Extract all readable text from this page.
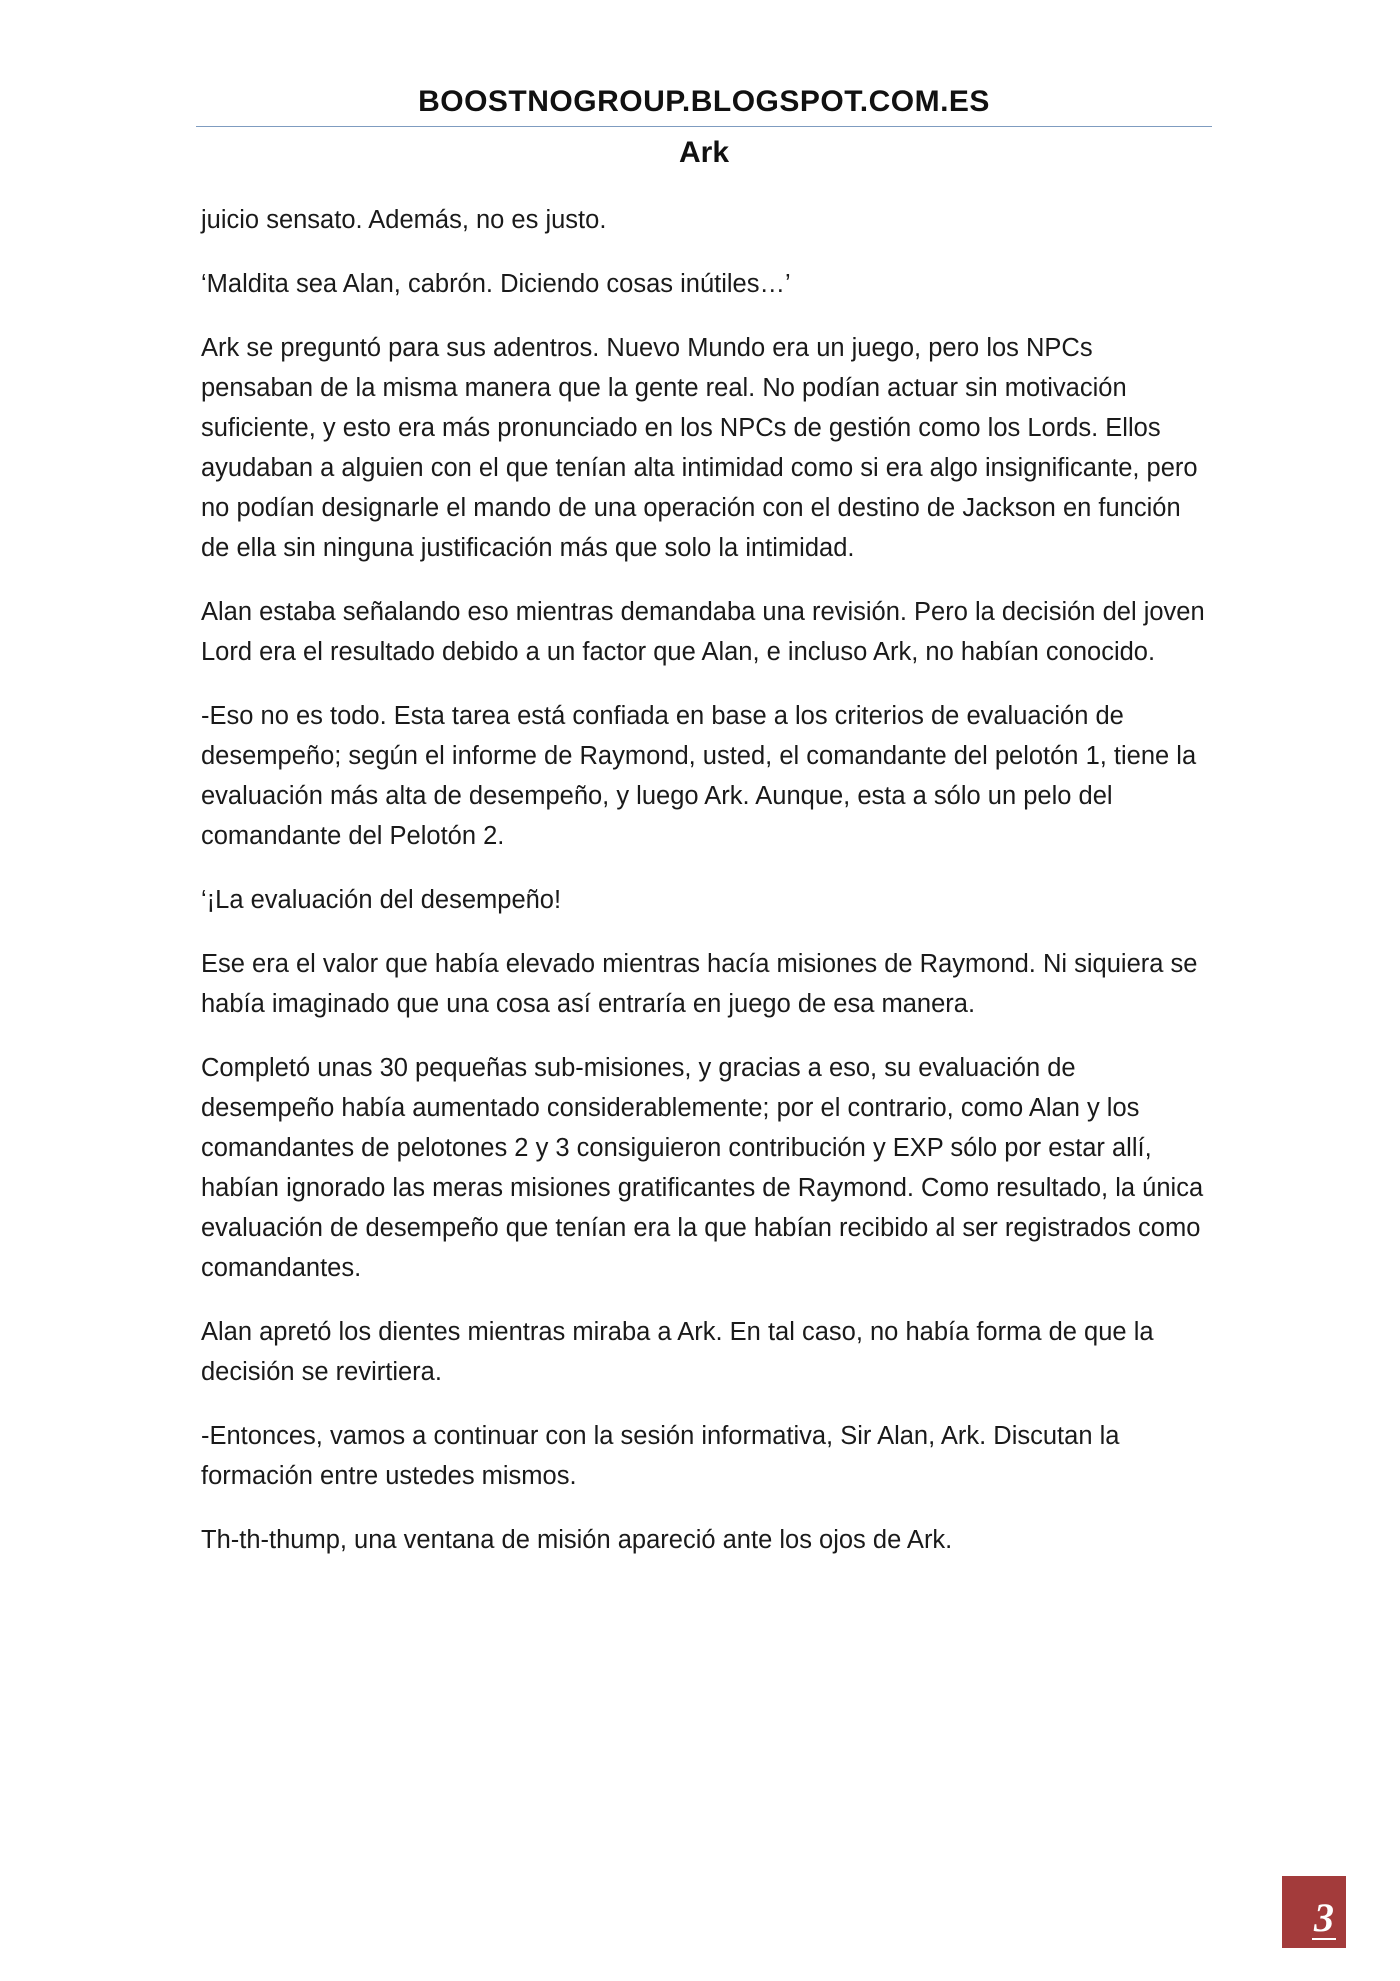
BOOSTNOGROUP.BLOGSPOT.COM.ES
Ark

juicio sensato. Además, no es justo.

‘Maldita sea Alan, cabrón. Diciendo cosas inútiles…’

Ark se preguntó para sus adentros. Nuevo Mundo era un juego, pero los NPCs pensaban de la misma manera que la gente real. No podían actuar sin motivación suficiente, y esto era más pronunciado en los NPCs de gestión como los Lords. Ellos ayudaban a alguien con el que tenían alta intimidad como si era algo insignificante, pero no podían designarle el mando de una operación con el destino de Jackson en función de ella sin ninguna justificación más que solo la intimidad.

Alan estaba señalando eso mientras demandaba una revisión. Pero la decisión del joven Lord era el resultado debido a un factor que Alan, e incluso Ark, no habían conocido.

-Eso no es todo. Esta tarea está confiada en base a los criterios de evaluación de desempeño; según el informe de Raymond, usted, el comandante del pelotón 1, tiene la evaluación más alta de desempeño, y luego Ark. Aunque, esta a sólo un pelo del comandante del Pelotón 2.

‘¡La evaluación del desempeño!

Ese era el valor que había elevado mientras hacía misiones de Raymond. Ni siquiera se había imaginado que una cosa así entraría en juego de esa manera.

Completó unas 30 pequeñas sub-misiones, y gracias a eso, su evaluación de desempeño había aumentado considerablemente; por el contrario, como Alan y los comandantes de pelotones 2 y 3 consiguieron contribución y EXP sólo por estar allí, habían ignorado las meras misiones gratificantes de Raymond. Como resultado, la única evaluación de desempeño que tenían era la que habían recibido al ser registrados como comandantes.

Alan apretó los dientes mientras miraba a Ark. En tal caso, no había forma de que la decisión se revirtiera.

-Entonces, vamos a continuar con la sesión informativa, Sir Alan, Ark. Discutan la formación entre ustedes mismos.

Th-th-thump, una ventana de misión apareció ante los ojos de Ark.

3
